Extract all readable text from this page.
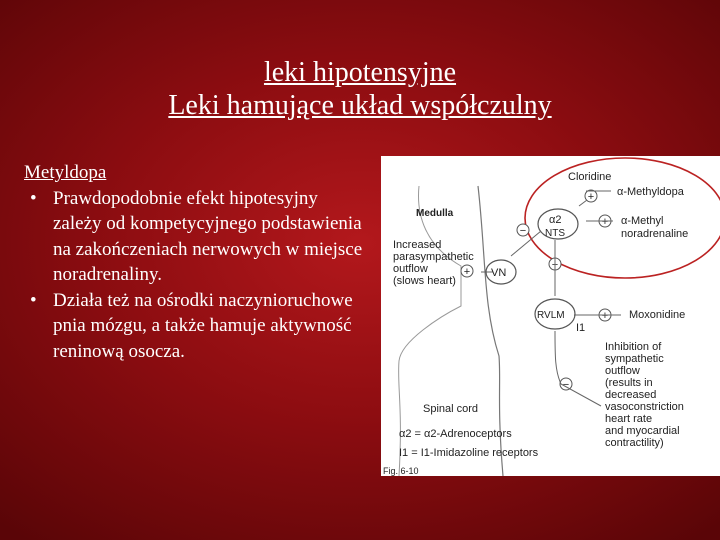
leki hipotensyjne
Leki hamujące układ współczulny
Metyldopa
• Prawdopodobnie efekt hipotesyjny zależy od kompetycyjnego podstawienia na zakończeniach nerwowych w miejsce noradrenaliny.
• Działa też na ośrodki naczynioruchowe pnia mózgu, a także hamuje aktywność reninową osocza.
Cloridine
α-Methyldopa
α-Methyl
noradrenaline
Medulla
α2
NTS
+
+
−
+
+
+
−
VN
Increased
parasympathetic
outflow
(slows heart)
RVLM
I1
Moxonidine
Inhibition of
sympathetic
outflow
(results in
decreased
vasoconstriction
heart rate
and myocardial
contractility)
Spinal cord
α2 = α2-Adrenoceptors
I1 = I1-Imidazoline receptors
Fig. 6-10
